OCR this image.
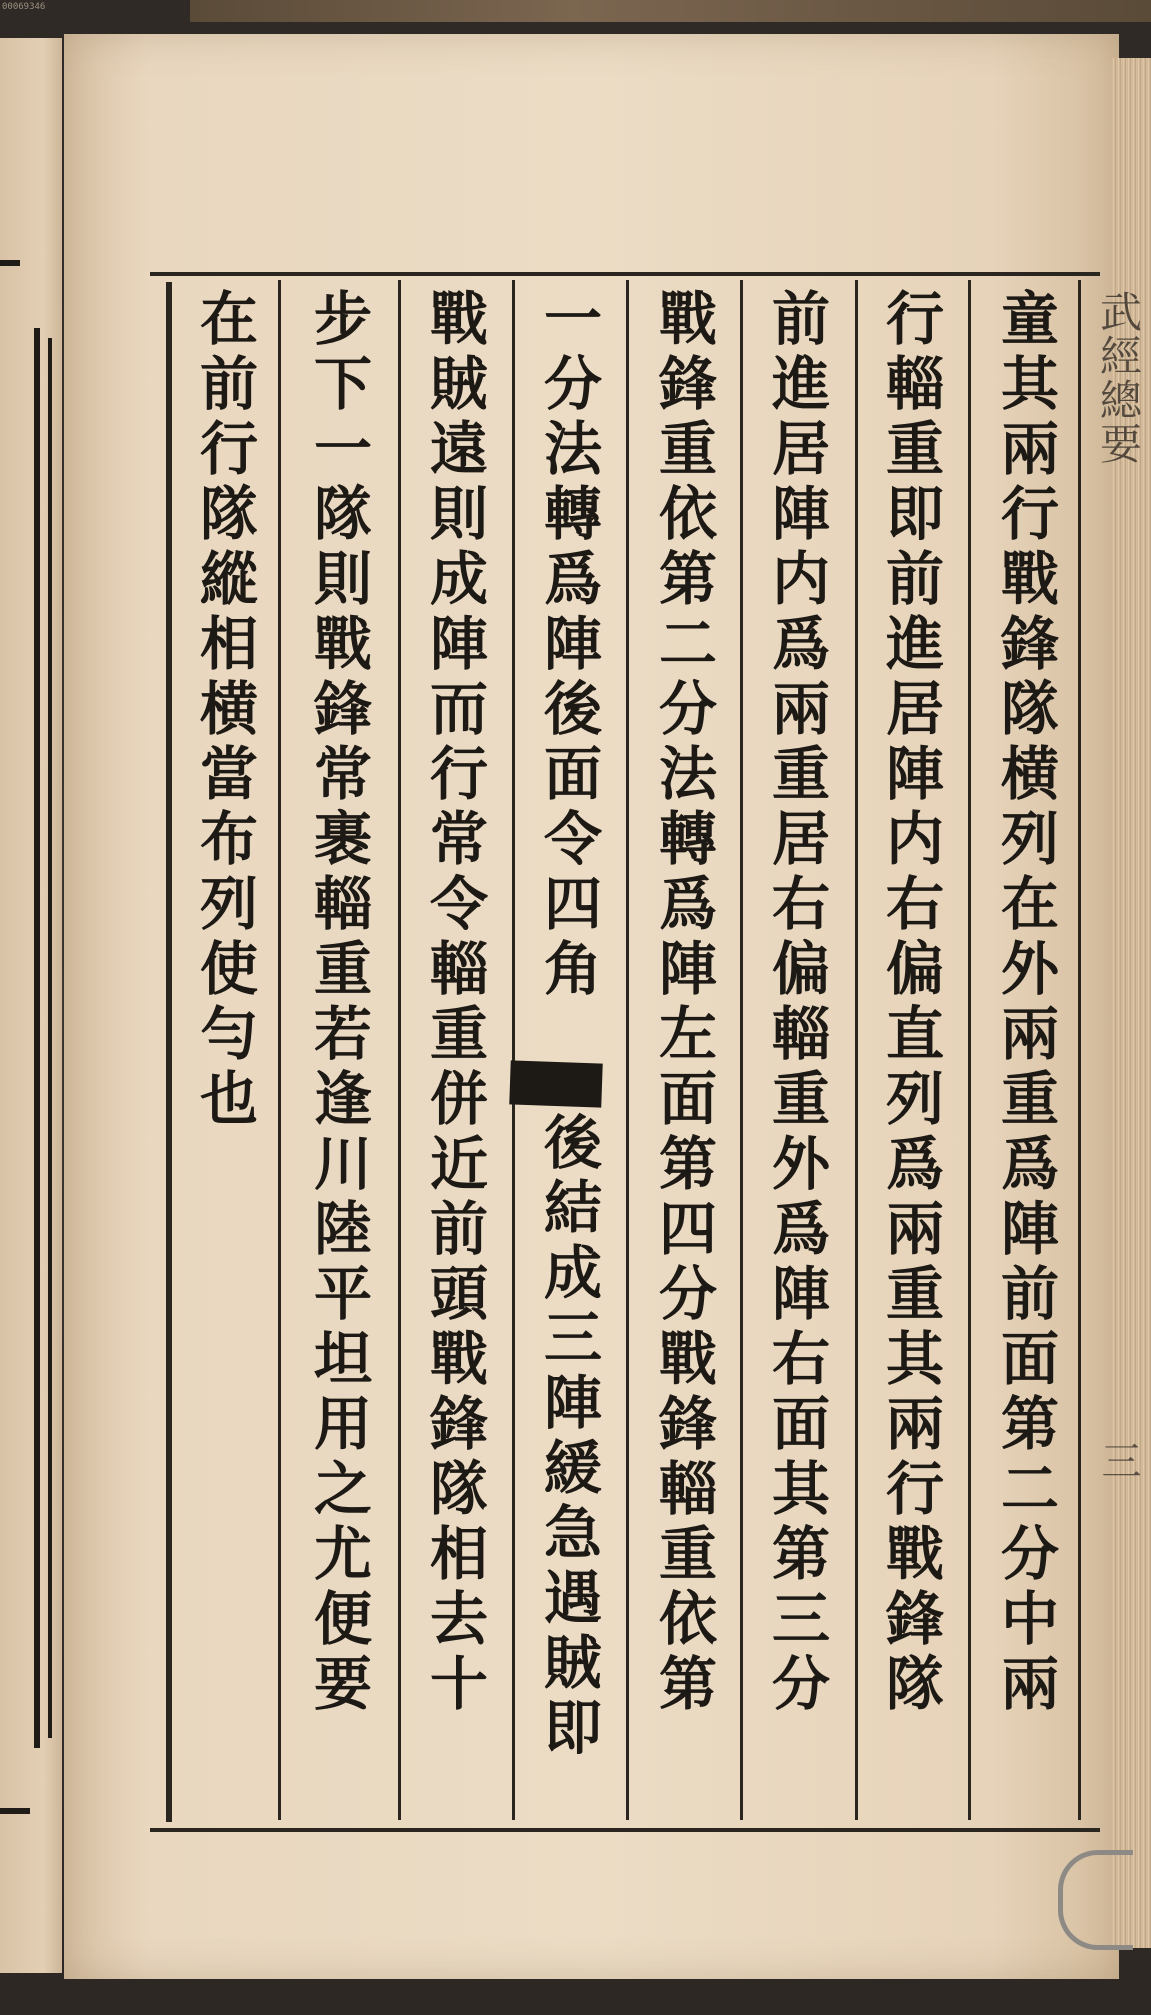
00069346
武經總要
三
童其兩行戰鋒隊横列在外兩重爲陣前面第二分中兩
行輜重即前進居陣内右偏直列爲兩重其兩行戰鋒隊
前進居陣内爲兩重居右偏輜重外爲陣右面其第三分
戰鋒重依第二分法轉爲陣左面第四分戰鋒輜重依第
一分法轉爲陣後面令四角
後結成三陣緩急遇賊即
戰賊遠則成陣而行常令輜重併近前頭戰鋒隊相去十
步下一隊則戰鋒常裹輜重若逢川陸平坦用之尤便要
在前行隊縱相横當布列使勻也
